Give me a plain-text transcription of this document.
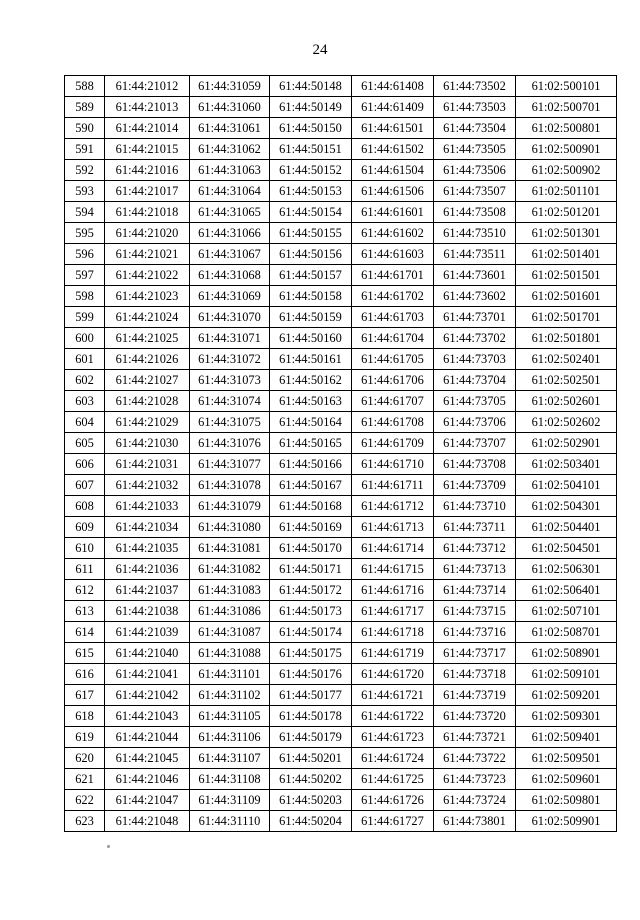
24
588	61:44:21012	61:44:31059	61:44:50148	61:44:61408	61:44:73502	61:02:500101
589	61:44:21013	61:44:31060	61:44:50149	61:44:61409	61:44:73503	61:02:500701
590	61:44:21014	61:44:31061	61:44:50150	61:44:61501	61:44:73504	61:02:500801
591	61:44:21015	61:44:31062	61:44:50151	61:44:61502	61:44:73505	61:02:500901
592	61:44:21016	61:44:31063	61:44:50152	61:44:61504	61:44:73506	61:02:500902
593	61:44:21017	61:44:31064	61:44:50153	61:44:61506	61:44:73507	61:02:501101
594	61:44:21018	61:44:31065	61:44:50154	61:44:61601	61:44:73508	61:02:501201
595	61:44:21020	61:44:31066	61:44:50155	61:44:61602	61:44:73510	61:02:501301
596	61:44:21021	61:44:31067	61:44:50156	61:44:61603	61:44:73511	61:02:501401
597	61:44:21022	61:44:31068	61:44:50157	61:44:61701	61:44:73601	61:02:501501
598	61:44:21023	61:44:31069	61:44:50158	61:44:61702	61:44:73602	61:02:501601
599	61:44:21024	61:44:31070	61:44:50159	61:44:61703	61:44:73701	61:02:501701
600	61:44:21025	61:44:31071	61:44:50160	61:44:61704	61:44:73702	61:02:501801
601	61:44:21026	61:44:31072	61:44:50161	61:44:61705	61:44:73703	61:02:502401
602	61:44:21027	61:44:31073	61:44:50162	61:44:61706	61:44:73704	61:02:502501
603	61:44:21028	61:44:31074	61:44:50163	61:44:61707	61:44:73705	61:02:502601
604	61:44:21029	61:44:31075	61:44:50164	61:44:61708	61:44:73706	61:02:502602
605	61:44:21030	61:44:31076	61:44:50165	61:44:61709	61:44:73707	61:02:502901
606	61:44:21031	61:44:31077	61:44:50166	61:44:61710	61:44:73708	61:02:503401
607	61:44:21032	61:44:31078	61:44:50167	61:44:61711	61:44:73709	61:02:504101
608	61:44:21033	61:44:31079	61:44:50168	61:44:61712	61:44:73710	61:02:504301
609	61:44:21034	61:44:31080	61:44:50169	61:44:61713	61:44:73711	61:02:504401
610	61:44:21035	61:44:31081	61:44:50170	61:44:61714	61:44:73712	61:02:504501
611	61:44:21036	61:44:31082	61:44:50171	61:44:61715	61:44:73713	61:02:506301
612	61:44:21037	61:44:31083	61:44:50172	61:44:61716	61:44:73714	61:02:506401
613	61:44:21038	61:44:31086	61:44:50173	61:44:61717	61:44:73715	61:02:507101
614	61:44:21039	61:44:31087	61:44:50174	61:44:61718	61:44:73716	61:02:508701
615	61:44:21040	61:44:31088	61:44:50175	61:44:61719	61:44:73717	61:02:508901
616	61:44:21041	61:44:31101	61:44:50176	61:44:61720	61:44:73718	61:02:509101
617	61:44:21042	61:44:31102	61:44:50177	61:44:61721	61:44:73719	61:02:509201
618	61:44:21043	61:44:31105	61:44:50178	61:44:61722	61:44:73720	61:02:509301
619	61:44:21044	61:44:31106	61:44:50179	61:44:61723	61:44:73721	61:02:509401
620	61:44:21045	61:44:31107	61:44:50201	61:44:61724	61:44:73722	61:02:509501
621	61:44:21046	61:44:31108	61:44:50202	61:44:61725	61:44:73723	61:02:509601
622	61:44:21047	61:44:31109	61:44:50203	61:44:61726	61:44:73724	61:02:509801
623	61:44:21048	61:44:31110	61:44:50204	61:44:61727	61:44:73801	61:02:509901
